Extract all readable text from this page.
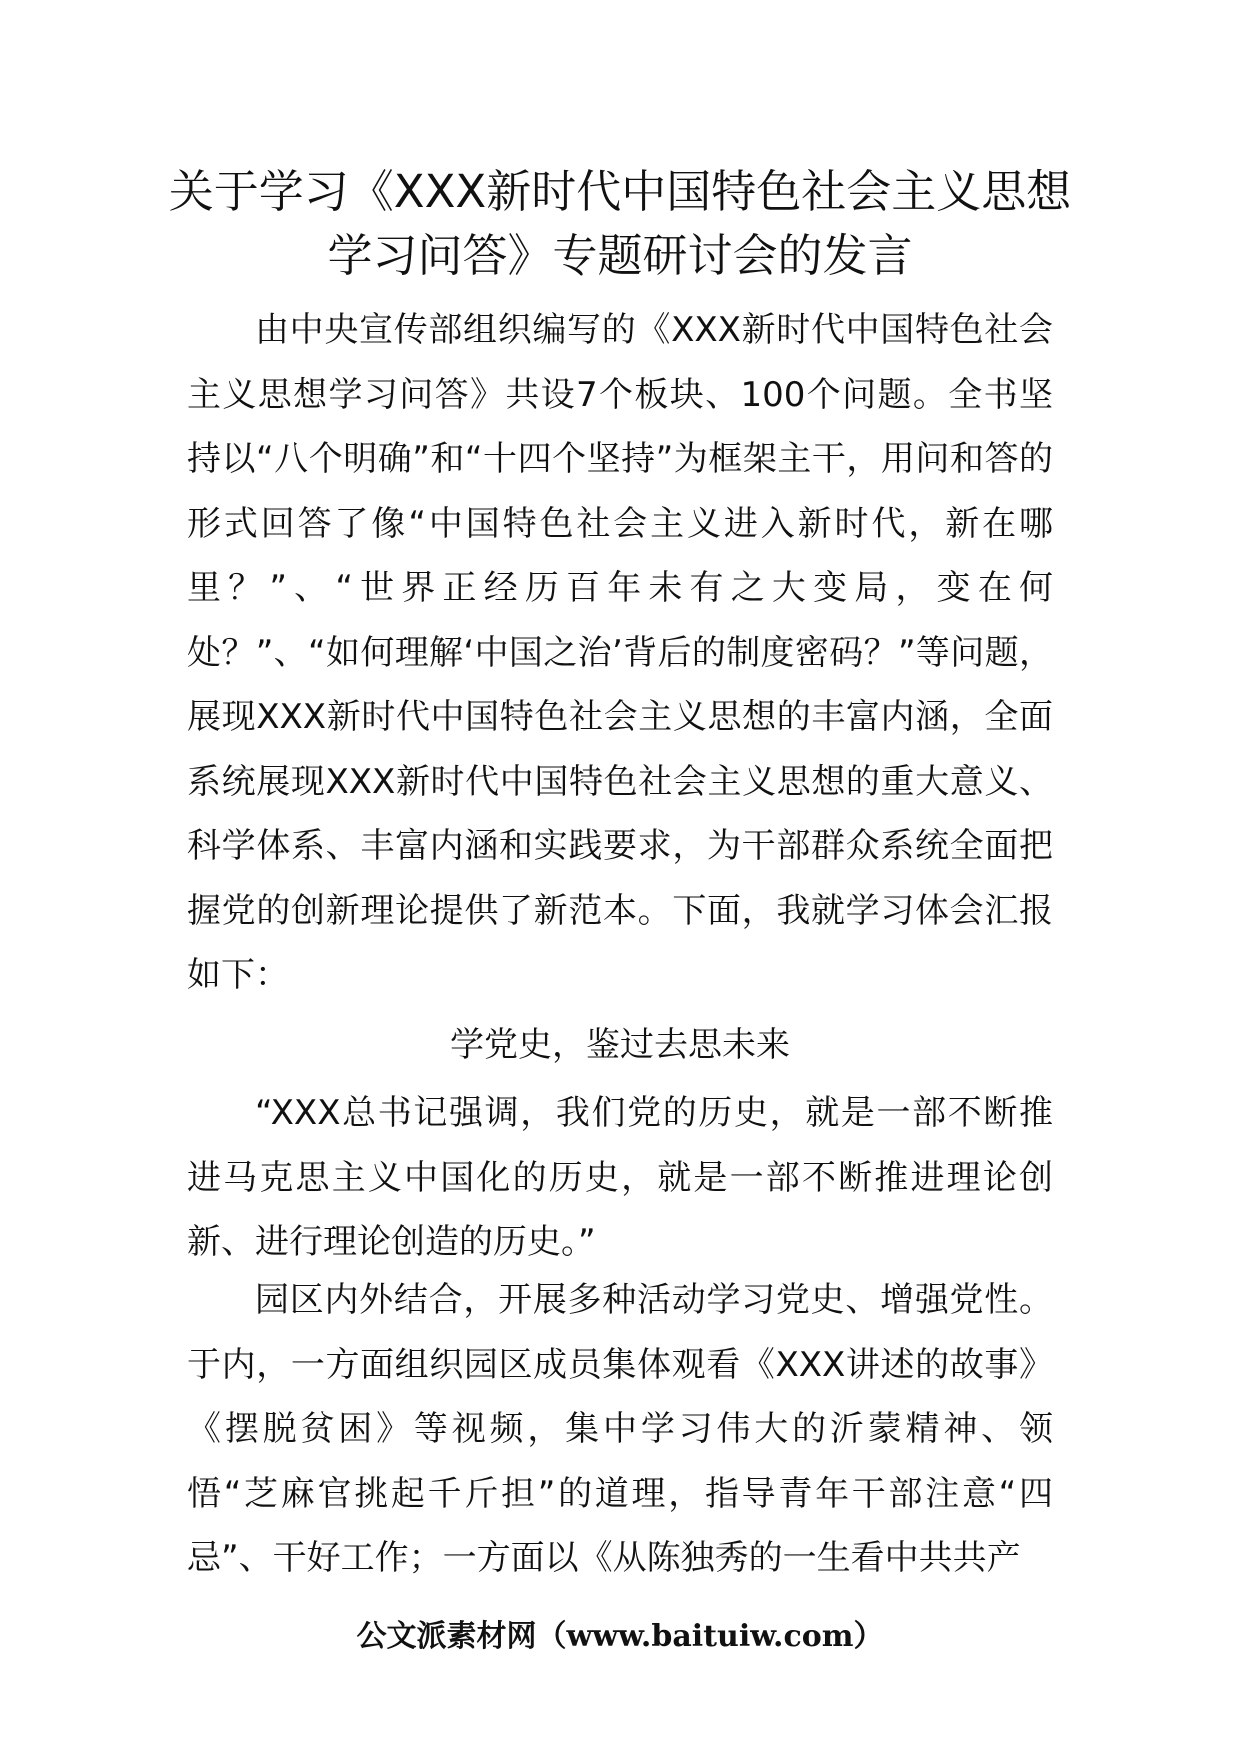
关于学习《XXX新时代中国特色社会主义思想学习问答》专题研讨会的发言

由中央宣传部组织编写的《XXX新时代中国特色社会主义思想学习问答》共设7个板块、100个问题。全书坚持以“八个明确”和“十四个坚持”为框架主干，用问和答的形式回答了像“中国特色社会主义进入新时代，新在哪里？”、“世界正经历百年未有之大变局，变在何处？”、“如何理解‘中国之治’背后的制度密码？”等问题，展现XXX新时代中国特色社会主义思想的丰富内涵，全面系统展现XXX新时代中国特色社会主义思想的重大意义、科学体系、丰富内涵和实践要求，为干部群众系统全面把握党的创新理论提供了新范本。下面，我就学习体会汇报如下：

学党史，鉴过去思未来

“XXX总书记强调，我们党的历史，就是一部不断推进马克思主义中国化的历史，就是一部不断推进理论创新、进行理论创造的历史。”

园区内外结合，开展多种活动学习党史、增强党性。于内，一方面组织园区成员集体观看《XXX讲述的故事》《摆脱贫困》等视频，集中学习伟大的沂蒙精神、领悟“芝麻官挑起千斤担”的道理，指导青年干部注意“四忌”、干好工作；一方面以《从陈独秀的一生看中共共产

公文派素材网（www.baituiw.com）
